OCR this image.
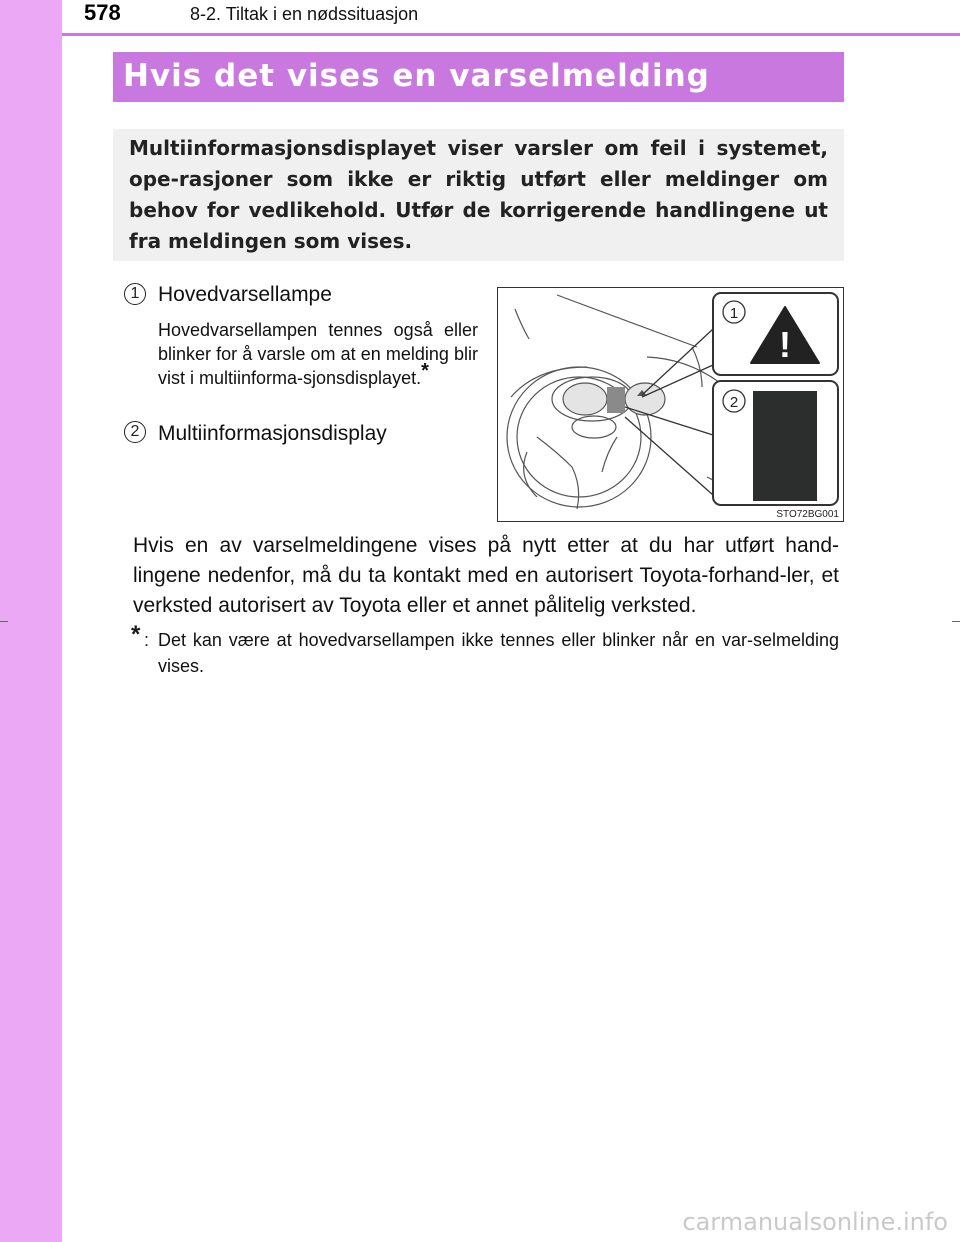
578	8-2. Tiltak i en nødssituasjon
Hvis det vises en varselmelding
Multiinformasjonsdisplayet viser varsler om feil i systemet, ope-rasjoner som ikke er riktig utført eller meldinger om behov for vedlikehold. Utfør de korrigerende handlingene ut fra meldingen som vises.
1 Hovedvarsellampe
Hovedvarsellampen tennes også eller blinker for å varsle om at en melding blir vist i multiinforma-sjonsdisplayet.*
2 Multiinformasjonsdisplay
!
1
2
STO72BG001
Hvis en av varselmeldingene vises på nytt etter at du har utført hand-lingene nedenfor, må du ta kontakt med en autorisert Toyota-forhand-ler, et verksted autorisert av Toyota eller et annet pålitelig verksted.
* : Det kan være at hovedvarsellampen ikke tennes eller blinker når en var-selmelding vises.
carmanualsonline.info
